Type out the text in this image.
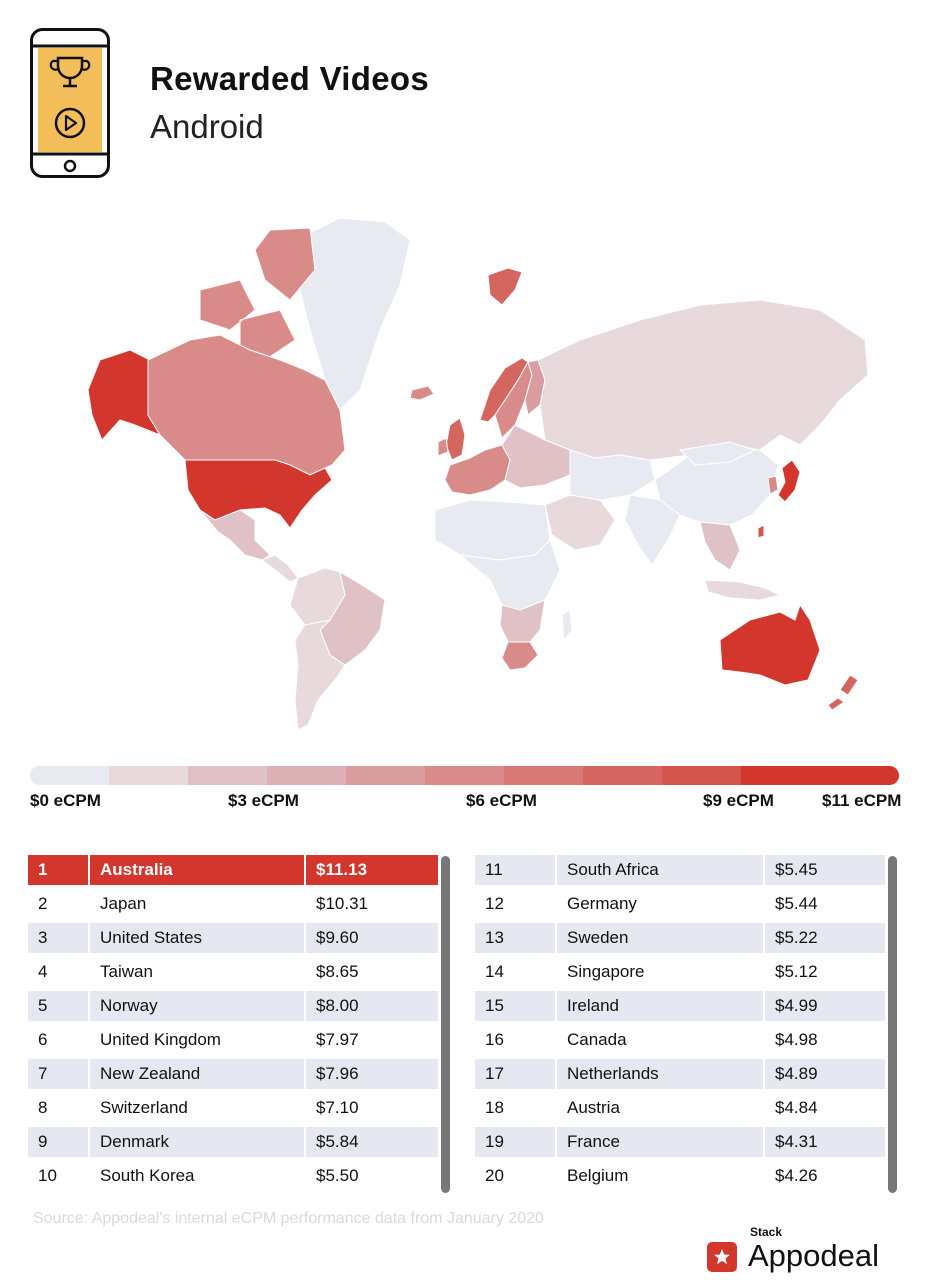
Rewarded Videos
Android
$0 eCPM	$3 eCPM	$6 eCPM	$9 eCPM	$11 eCPM
1	Australia	$11.13
2	Japan	$10.31
3	United States	$9.60
4	Taiwan	$8.65
5	Norway	$8.00
6	United Kingdom	$7.97
7	New Zealand	$7.96
8	Switzerland	$7.10
9	Denmark	$5.84
10	South Korea	$5.50
11	South Africa	$5.45
12	Germany	$5.44
13	Sweden	$5.22
14	Singapore	$5.12
15	Ireland	$4.99
16	Canada	$4.98
17	Netherlands	$4.89
18	Austria	$4.84
19	France	$4.31
20	Belgium	$4.26
Source: Appodeal's internal eCPM performance data from January 2020
Stack
Appodeal
